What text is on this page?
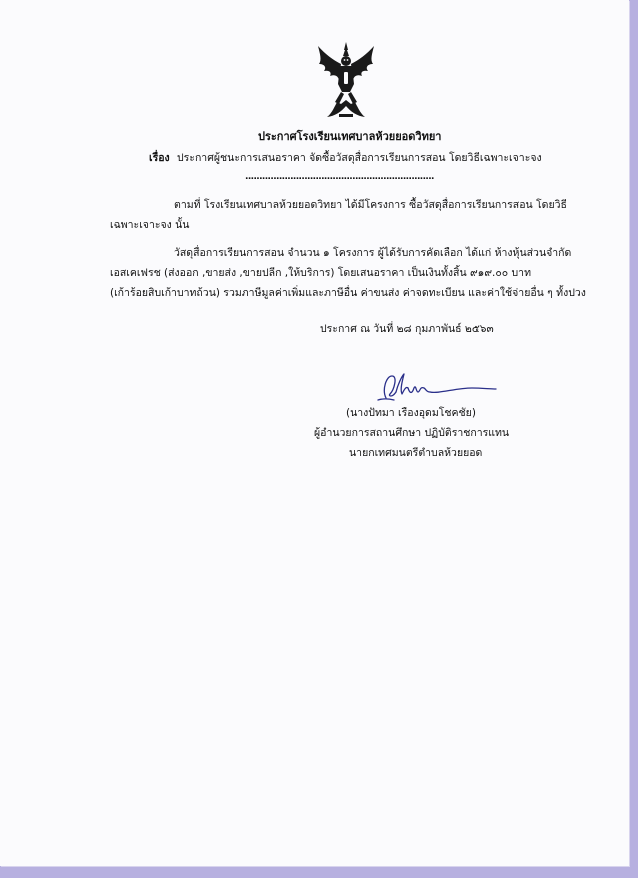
ประกาศโรงเรียนเทศบาลห้วยยอดวิทยา
เรื่อง ประกาศผู้ชนะการเสนอราคา จัดซื้อวัสดุสื่อการเรียนการสอน โดยวิธีเฉพาะเจาะจง
...................................................................
ตามที่ โรงเรียนเทศบาลห้วยยอดวิทยา ได้มีโครงการ ซื้อวัสดุสื่อการเรียนการสอน โดยวิธี
เฉพาะเจาะจง นั้น
วัสดุสื่อการเรียนการสอน จำนวน ๑ โครงการ ผู้ได้รับการคัดเลือก ได้แก่ ห้างหุ้นส่วนจำกัด
เอสเคเฟรช (ส่งออก ,ขายส่ง ,ขายปลีก ,ให้บริการ) โดยเสนอราคา เป็นเงินทั้งสิ้น ๙๑๙.๐๐ บาท
(เก้าร้อยสิบเก้าบาทถ้วน) รวมภาษีมูลค่าเพิ่มและภาษีอื่น ค่าขนส่ง ค่าจดทะเบียน และค่าใช้จ่ายอื่น ๆ ทั้งปวง
ประกาศ ณ วันที่ ๒๘ กุมภาพันธ์ ๒๕๖๓
(นางปัทมา เรืองอุดมโชคชัย)
ผู้อำนวยการสถานศึกษา ปฏิบัติราชการแทน
นายกเทศมนตรีตำบลห้วยยอด
